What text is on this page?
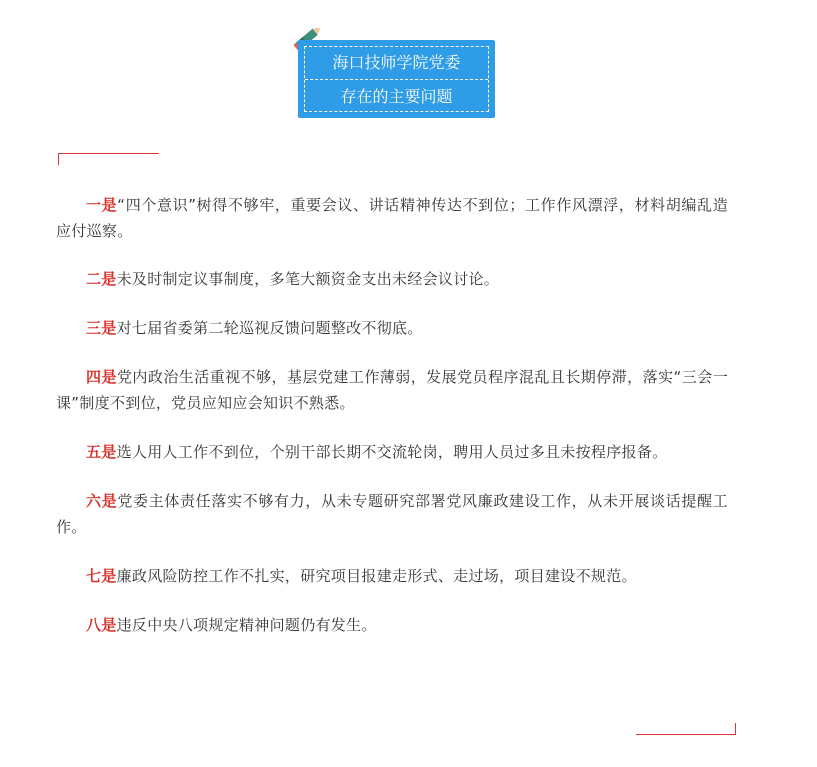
海口技师学院党委
存在的主要问题

一是“四个意识”树得不够牢，重要会议、讲话精神传达不到位；工作作风漂浮，材料胡编乱造应付巡察。

二是未及时制定议事制度，多笔大额资金支出未经会议讨论。

三是对七届省委第二轮巡视反馈问题整改不彻底。

四是党内政治生活重视不够，基层党建工作薄弱，发展党员程序混乱且长期停滞，落实“三会一课”制度不到位，党员应知应会知识不熟悉。

五是选人用人工作不到位，个别干部长期不交流轮岗，聘用人员过多且未按程序报备。

六是党委主体责任落实不够有力，从未专题研究部署党风廉政建设工作，从未开展谈话提醒工作。

七是廉政风险防控工作不扎实，研究项目报建走形式、走过场，项目建设不规范。

八是违反中央八项规定精神问题仍有发生。
